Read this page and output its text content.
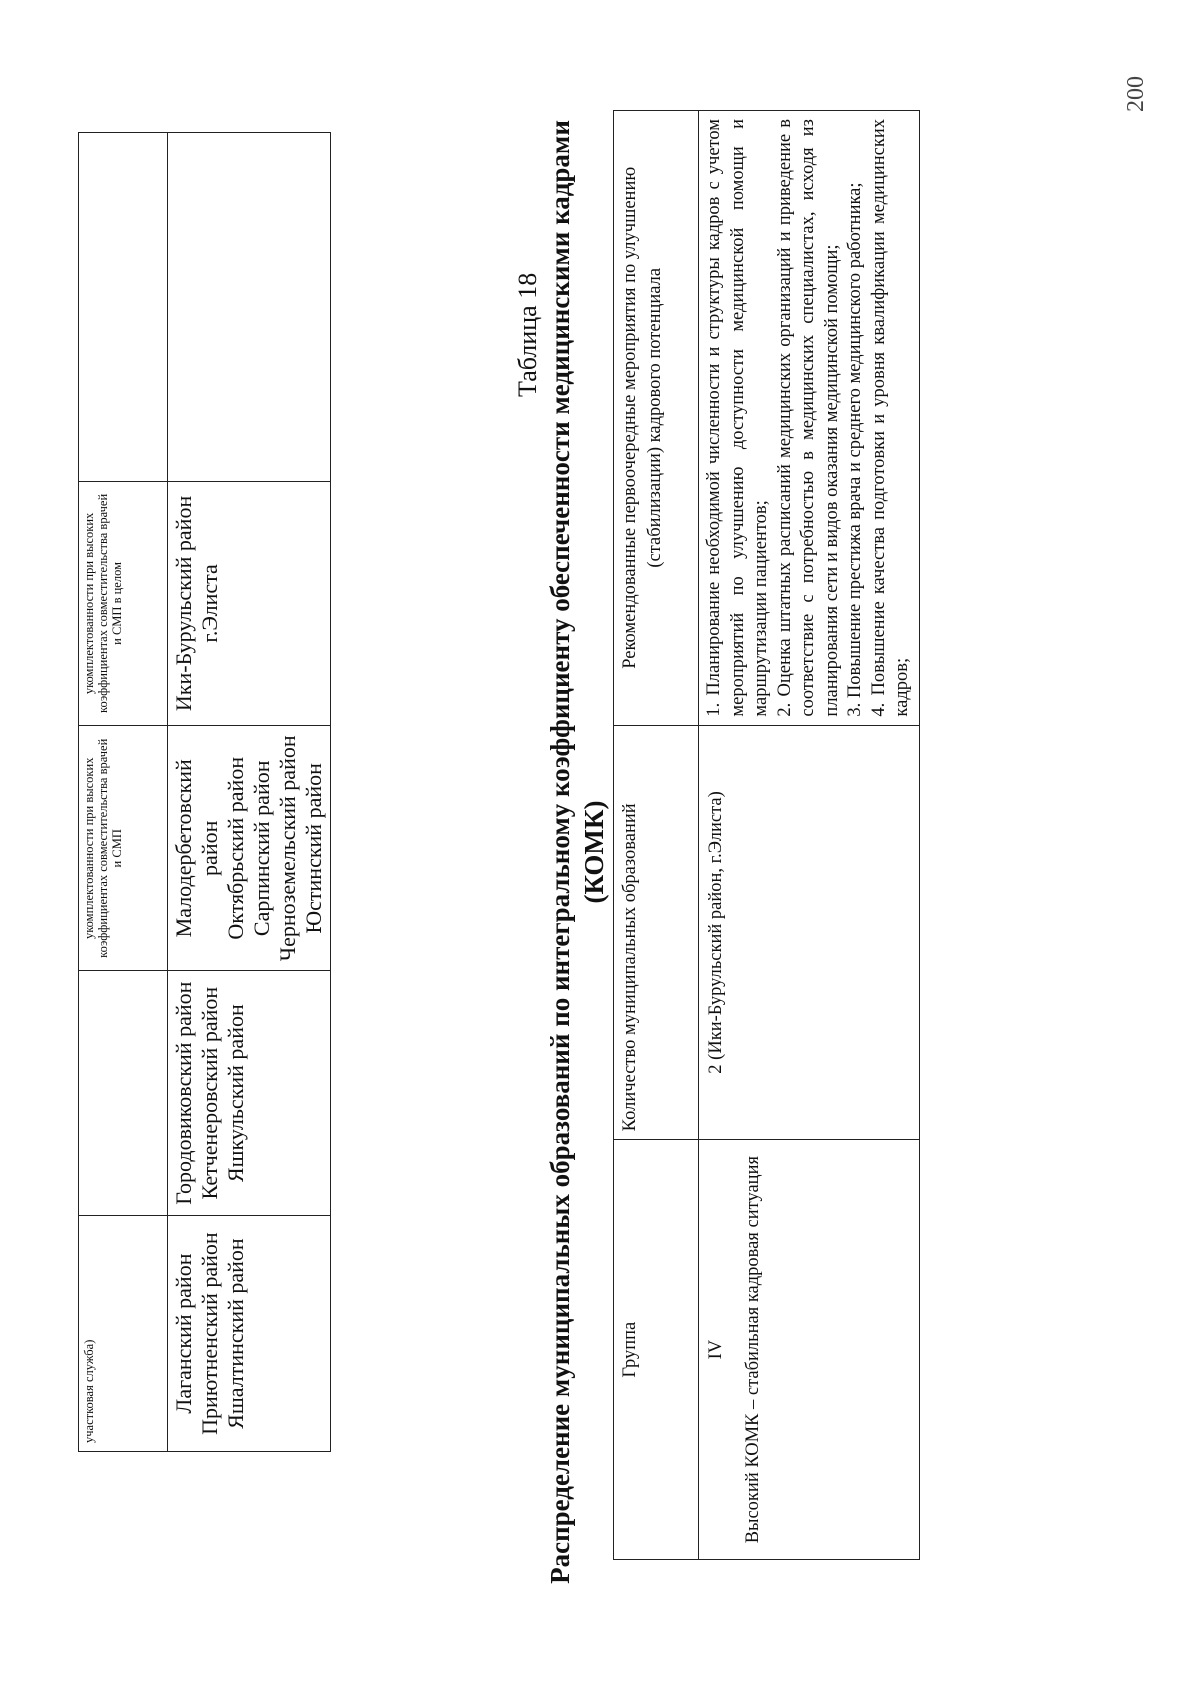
участковая служба)		укомплектованности при высоких коэффициентах совместительства врачей и СМП	укомплектованности при высоких коэффициентах совместительства врачей и СМП в целом	

Лаганский район Приютненский район Яшалтинский район	Городовиковский район Кетченеровский район Яшкульский район	Малодербетовский район Октябрьский район Сарпинский район Черноземельский район Юстинский район	Ики-Бурульский район г.Элиста	

Таблица 18 Распределение муниципальных образований по интегральному коэффициенту обеспеченности медицинскими кадрами (КОМК)
Группа	Количество муниципальных образований	Рекомендованные первоочередные мероприятия по улучшению (стабилизации) кадрового потенциала

IV Высокий КОМК – стабильная кадровая ситуация	2 (Ики-Бурульский район, г.Элиста)	1. Планирование необходимой численности и структуры кадров с учетом мероприятий по улучшению доступности медицинской помощи и маршрутизации пациентов; 2. Оценка штатных расписаний медицинских организаций и приведение в соответствие с потребностью в медицинских специалистах, исходя из планирования сети и видов оказания медицинской помощи; 3. Повышение престижа врача и среднего медицинского работника; 4. Повышение качества подготовки и уровня квалификации медицинских кадров;
200
